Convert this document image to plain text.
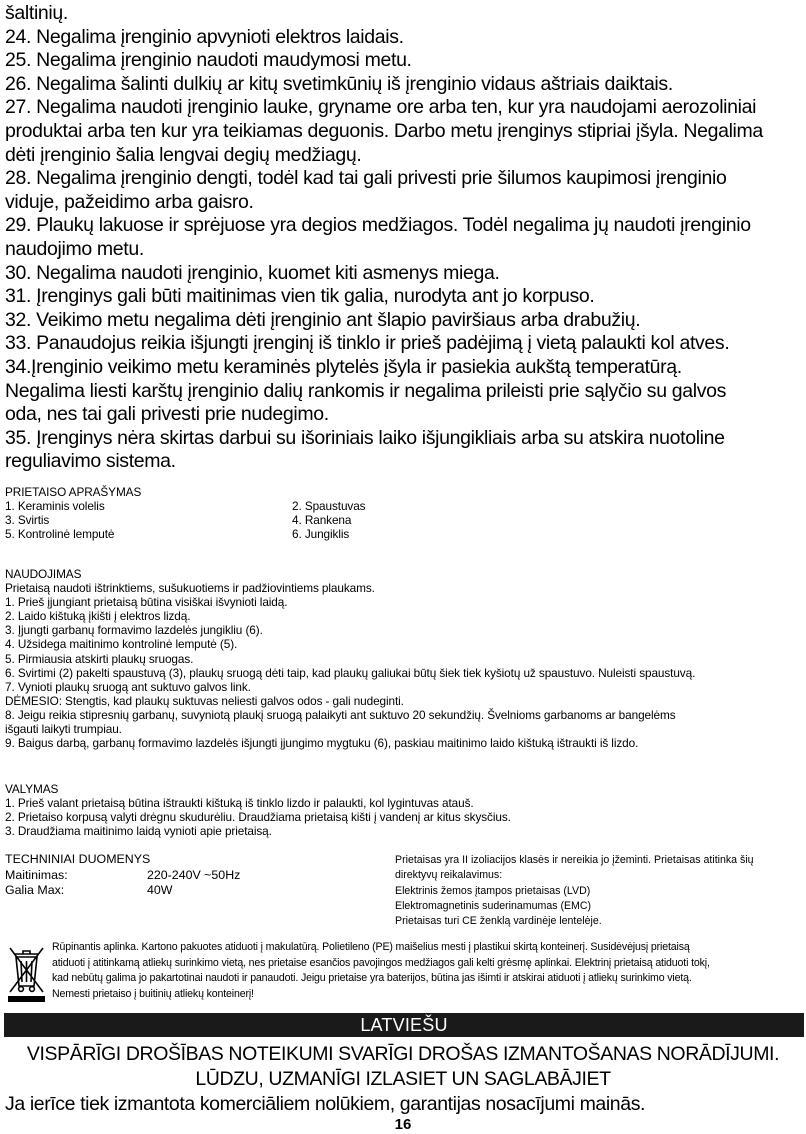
šaltinių.

24. Negalima įrenginio apvynioti elektros laidais.

25. Negalima įrenginio naudoti maudymosi metu.

26. Negalima šalinti dulkių ar kitų svetimkūnių iš įrenginio vidaus aštriais daiktais.

27. Negalima naudoti įrenginio lauke, gryname ore arba ten, kur yra naudojami aerozoliniai

produktai arba ten kur yra teikiamas deguonis. Darbo metu įrenginys stipriai įšyla. Negalima

dėti įrenginio šalia lengvai degių medžiagų.

28. Negalima įrenginio dengti, todėl kad tai gali privesti prie šilumos kaupimosi įrenginio

viduje, pažeidimo arba gaisro.

29. Plaukų lakuose ir sprėjuose yra degios medžiagos. Todėl negalima jų naudoti įrenginio

naudojimo metu.

30. Negalima naudoti įrenginio, kuomet kiti asmenys miega.

31. Įrenginys gali būti maitinimas vien tik galia, nurodyta ant jo korpuso.

32. Veikimo metu negalima dėti įrenginio ant šlapio paviršiaus arba drabužių.

33. Panaudojus reikia išjungti įrenginį iš tinklo ir prieš padėjimą į vietą palaukti kol atves.

34.Įrenginio veikimo metu keraminės plytelės įšyla ir pasiekia aukštą temperatūrą.

Negalima liesti karštų įrenginio dalių rankomis ir negalima prileisti prie sąlyčio su galvos

oda, nes tai gali privesti prie nudegimo.

35. Įrenginys nėra skirtas darbui su išoriniais laiko išjungikliais arba su atskira nuotoline

reguliavimo sistema.

PRIETAISO APRAŠYMAS

1. Keraminis volelis	2. Spaustuvas
3. Svirtis	4. Rankena
5. Kontrolinė lemputė	6. Jungiklis

NAUDOJIMAS

Prietaisą naudoti ištrinktiems, sušukuotiems ir padžiovintiems plaukams.

1. Prieš įjungiant prietaisą būtina visiškai išvynioti laidą.

2. Laido kištuką įkišti į elektros lizdą.

3. Įjungti garbanų formavimo lazdelės jungikliu (6).

4. Užsidega maitinimo kontrolinė lemputė (5).

5. Pirmiausia atskirti plaukų sruogas.

6. Svirtimi (2) pakelti spaustuvą (3), plaukų sruogą dėti taip, kad plaukų galiukai būtų šiek tiek kyšiotų už spaustuvo. Nuleisti spaustuvą.

7. Vynioti plaukų sruogą ant suktuvo galvos link.

DĖMESIO: Stengtis, kad plaukų suktuvas neliesti galvos odos - gali nudeginti.

8. Jeigu reikia stipresnių garbanų, suvyniotą plaukį sruogą palaikyti ant suktuvo 20 sekundžių. Švelnioms garbanoms ar bangelėms

išgauti laikyti trumpiau.

9. Baigus darbą, garbanų formavimo lazdelės išjungti įjungimo mygtuku (6), paskiau maitinimo laido kištuką ištraukti iš lizdo.

VALYMAS

1. Prieš valant prietaisą būtina ištraukti kištuką iš tinklo lizdo ir palaukti, kol lygintuvas atauš.

2. Prietaiso korpusą valyti drėgnu skudurėliu. Draudžiama prietaisą kišti į vandenį ar kitus skysčius.

3. Draudžiama maitinimo laidą vynioti apie prietaisą.

TECHNINIAI DUOMENYS
Maitinimas:	220-240V ~50Hz
Galia Max:	40W

Prietaisas yra II izoliacijos klasės ir nereikia jo įžeminti. Prietaisas atitinka šių

direktyvų reikalavimus:

Elektrinis žemos įtampos prietaisas (LVD)

Elektromagnetinis suderinamumas (EMC)

Prietaisas turi CE ženklą vardinėje lentelėje.

Rūpinantis aplinka. Kartono pakuotes atiduoti į makulatūrą. Polietileno (PE) maišelius mesti į plastikui skirtą konteinerį. Susidėvėjusį prietaisą

atiduoti į atitinkamą atliekų surinkimo vietą, nes prietaise esančios pavojingos medžiagos gali kelti grėsmę aplinkai. Elektrinį prietaisą atiduoti tokį,

kad nebūtų galima jo pakartotinai naudoti ir panaudoti. Jeigu prietaise yra baterijos, būtina jas išimti ir atskirai atiduoti į atliekų surinkimo vietą.

Nemesti prietaiso į buitinių atliekų konteinerį!

LATVIEŠU
VISPĀRĪGI DROŠĪBAS NOTEIKUMI SVARĪGI DROŠAS IZMANTOŠANAS NORĀDĪJUMI.
LŪDZU, UZMANĪGI IZLASIET UN SAGLABĀJIET
Ja ierīce tiek izmantota komerciāliem nolūkiem, garantijas nosacījumi mainās.
16
